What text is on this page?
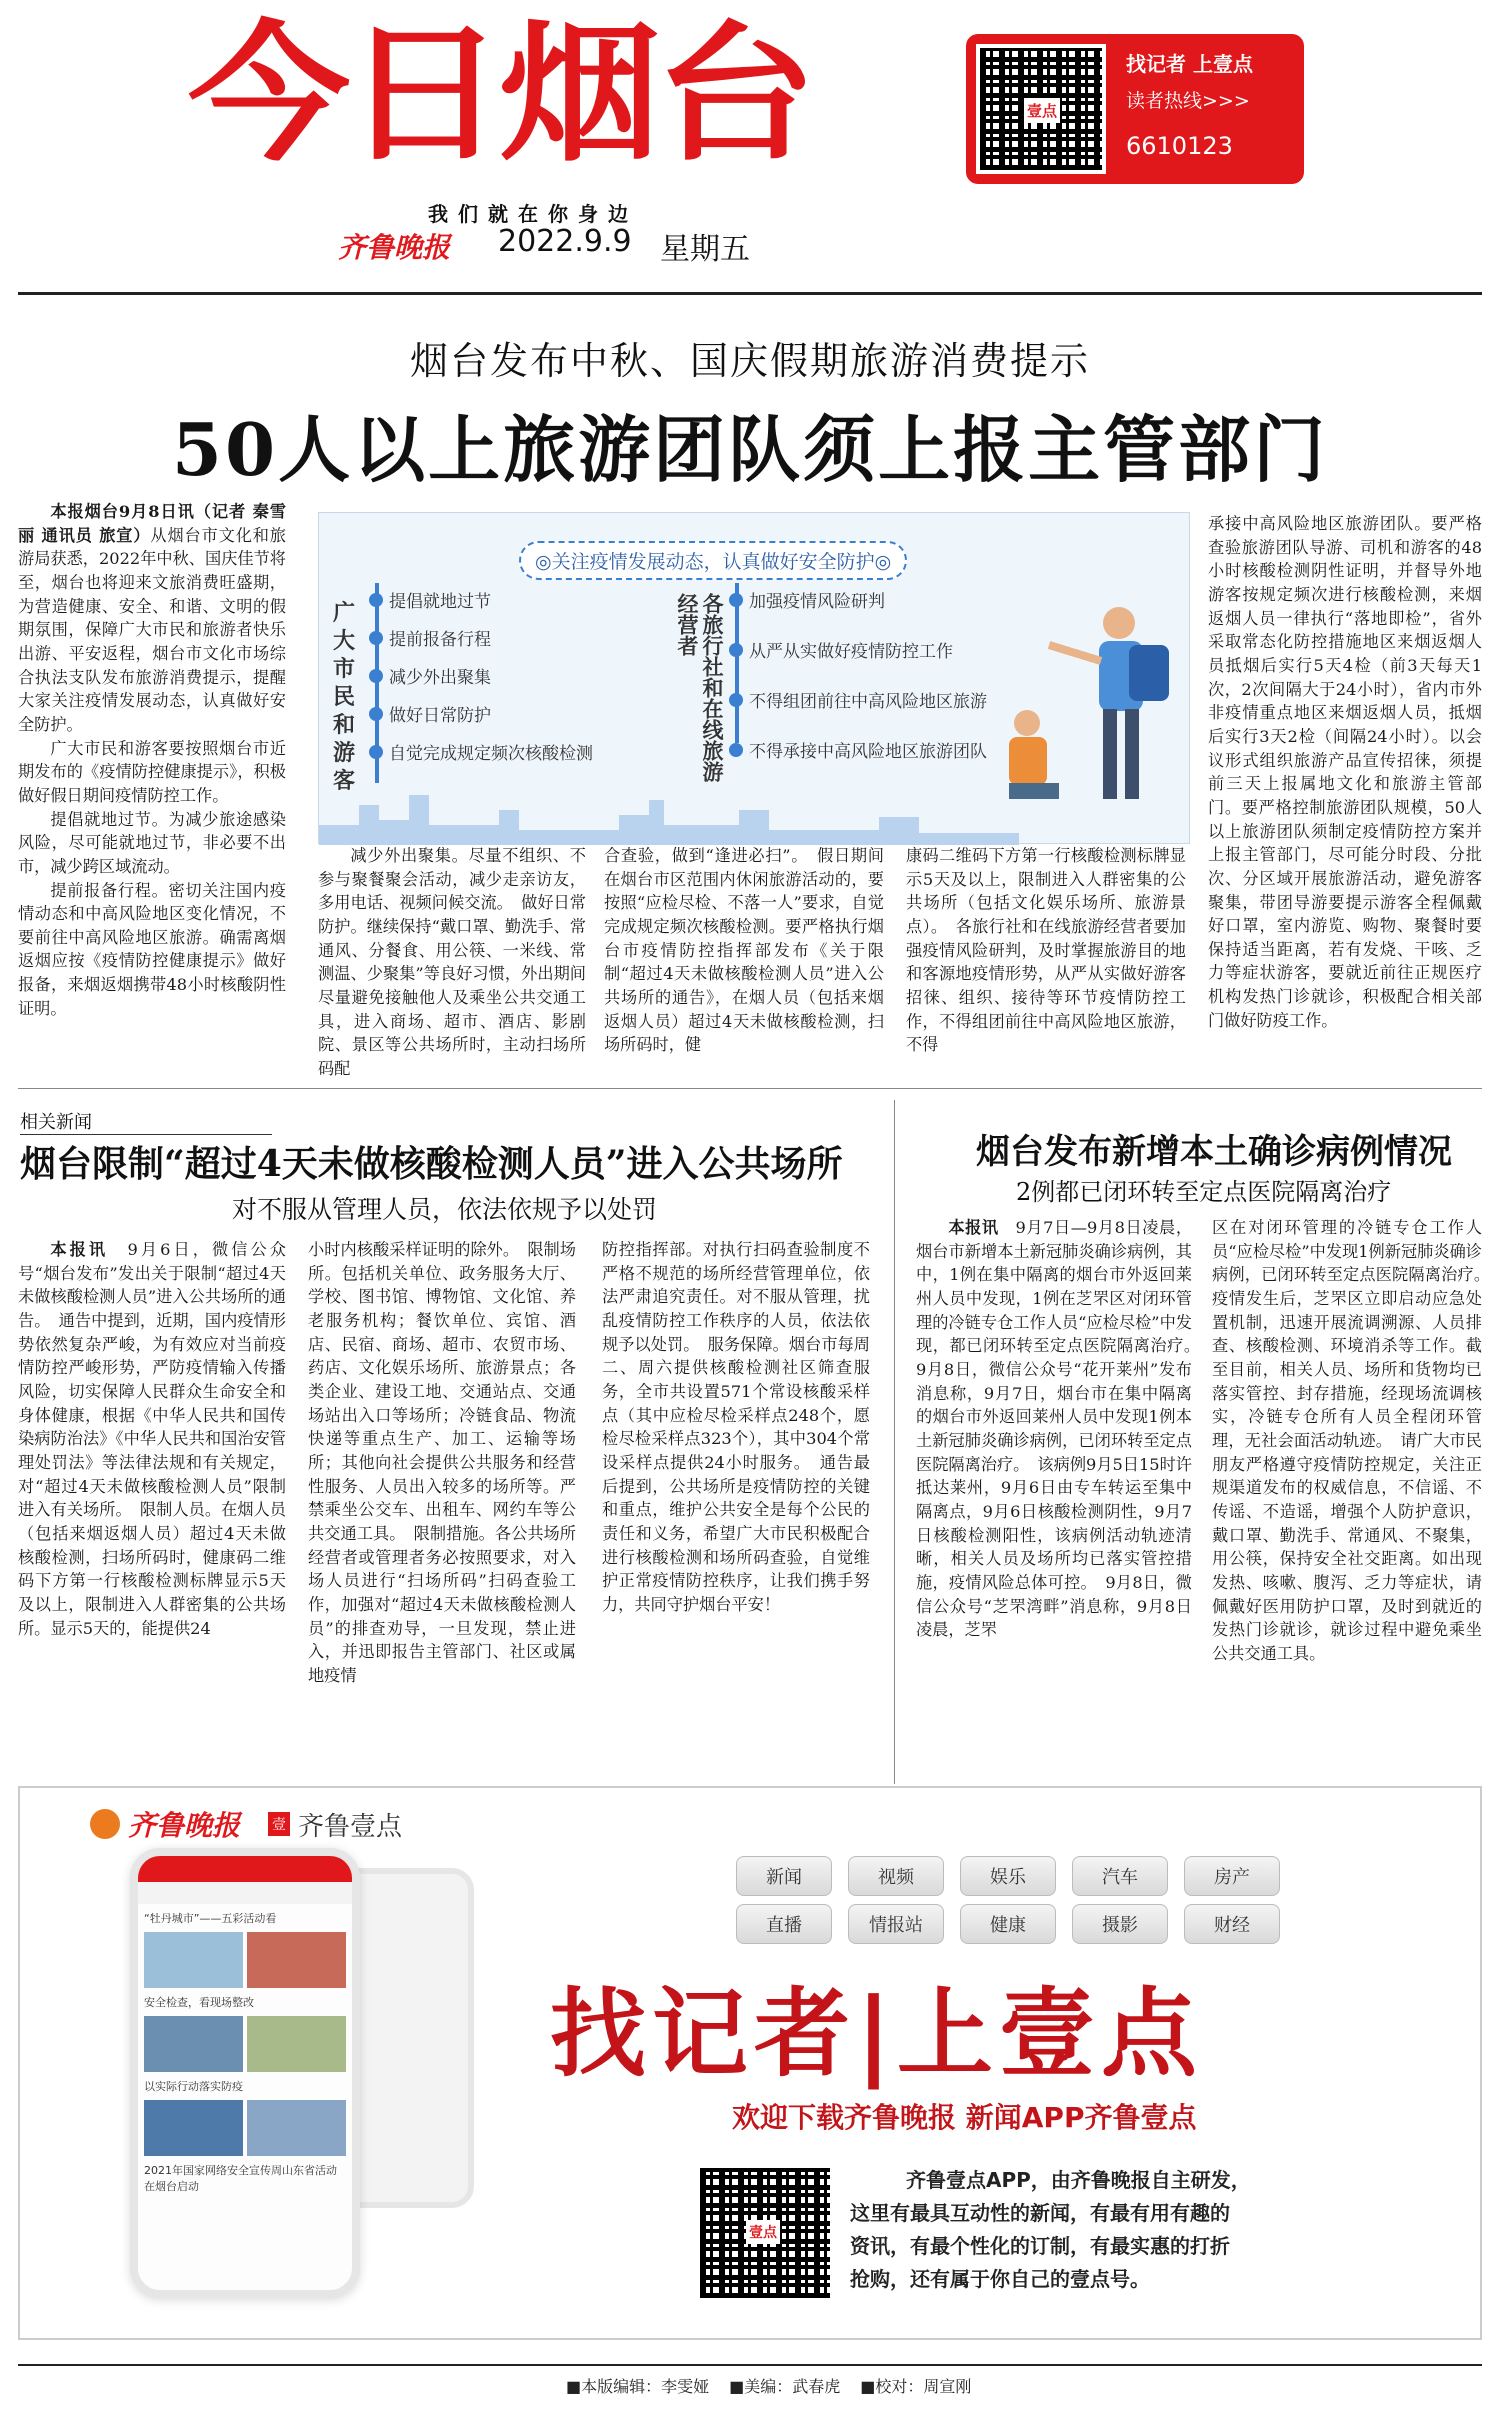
今日烟台
我们就在你身边
齐鲁晚报 2022.9.9 星期五
壹点
找记者 上壹点
读者热线>>>
6610123
烟台发布中秋、国庆假期旅游消费提示
50人以上旅游团队须上报主管部门

本报烟台9月8日讯（记者 秦雪丽 通讯员 旅宣）从烟台市文化和旅游局获悉，2022年中秋、国庆佳节将至，烟台也将迎来文旅消费旺盛期，为营造健康、安全、和谐、文明的假期氛围，保障广大市民和旅游者快乐出游、平安返程，烟台市文化市场综合执法支队发布旅游消费提示，提醒大家关注疫情发展动态，认真做好安全防护。

广大市民和游客要按照烟台市近期发布的《疫情防控健康提示》，积极做好假日期间疫情防控工作。

提倡就地过节。为减少旅途感染风险，尽可能就地过节，非必要不出市，减少跨区域流动。

提前报备行程。密切关注国内疫情动态和中高风险地区变化情况，不要前往中高风险地区旅游。确需离烟返烟应按《疫情防控健康提示》做好报备，来烟返烟携带48小时核酸阴性证明。

◎关注疫情发展动态，认真做好安全防护◎
广大市民和游客
提倡就地过节
提前报备行程
减少外出聚集
做好日常防护
自觉完成规定频次核酸检测	各旅行社和在线旅游经营者	加强疫情风险研判
从严从实做好疫情防控工作
不得组团前往中高风险地区旅游
不得承接中高风险地区旅游团队

减少外出聚集。尽量不组织、不参与聚餐聚会活动，减少走亲访友，多用电话、视频问候交流。　做好日常防护。继续保持“戴口罩、勤洗手、常通风、分餐食、用公筷、一米线、常测温、少聚集”等良好习惯，外出期间尽量避免接触他人及乘坐公共交通工具，进入商场、超市、酒店、影剧院、景区等公共场所时，主动扫场所码配

合查验，做到“逢进必扫”。　假日期间在烟台市区范围内休闲旅游活动的，要按照“应检尽检、不落一人”要求，自觉完成规定频次核酸检测。要严格执行烟台市疫情防控指挥部发布《关于限制“超过4天未做核酸检测人员”进入公共场所的通告》，在烟人员（包括来烟返烟人员）超过4天未做核酸检测，扫场所码时，健

康码二维码下方第一行核酸检测标牌显示5天及以上，限制进入人群密集的公共场所（包括文化娱乐场所、旅游景点）。　各旅行社和在线旅游经营者要加强疫情风险研判，及时掌握旅游目的地和客源地疫情形势，从严从实做好游客招徕、组织、接待等环节疫情防控工作，不得组团前往中高风险地区旅游，不得

承接中高风险地区旅游团队。要严格查验旅游团队导游、司机和游客的48小时核酸检测阴性证明，并督导外地游客按规定频次进行核酸检测，来烟返烟人员一律执行“落地即检”，省外采取常态化防控措施地区来烟返烟人员抵烟后实行5天4检（前3天每天1次，2次间隔大于24小时），省内市外非疫情重点地区来烟返烟人员，抵烟后实行3天2检（间隔24小时）。以会议形式组织旅游产品宣传招徕，须提前三天上报属地文化和旅游主管部门。要严格控制旅游团队规模，50人以上旅游团队须制定疫情防控方案并上报主管部门，尽可能分时段、分批次、分区域开展旅游活动，避免游客聚集，带团导游要提示游客全程佩戴好口罩，室内游览、购物、聚餐时要保持适当距离，若有发烧、干咳、乏力等症状游客，要就近前往正规医疗机构发热门诊就诊，积极配合相关部门做好防疫工作。

相关新闻
烟台限制“超过4天未做核酸检测人员”进入公共场所
对不服从管理人员，依法依规予以处罚

本报讯　 9月6日，微信公众号“烟台发布”发出关于限制“超过4天未做核酸检测人员”进入公共场所的通告。　通告中提到，近期，国内疫情形势依然复杂严峻，为有效应对当前疫情防控严峻形势，严防疫情输入传播风险，切实保障人民群众生命安全和身体健康，根据《中华人民共和国传染病防治法》《中华人民共和国治安管理处罚法》等法律法规和有关规定，对“超过4天未做核酸检测人员”限制进入有关场所。　限制人员。在烟人员（包括来烟返烟人员）超过4天未做核酸检测，扫场所码时，健康码二维码下方第一行核酸检测标牌显示5天及以上，限制进入人群密集的公共场所。显示5天的，能提供24

小时内核酸采样证明的除外。　限制场所。包括机关单位、政务服务大厅、学校、图书馆、博物馆、文化馆、养老服务机构；餐饮单位、宾馆、酒店、民宿、商场、超市、农贸市场、药店、文化娱乐场所、旅游景点；各类企业、建设工地、交通站点、交通场站出入口等场所；冷链食品、物流快递等重点生产、加工、运输等场所；其他向社会提供公共服务和经营性服务、人员出入较多的场所等。严禁乘坐公交车、出租车、网约车等公共交通工具。　限制措施。各公共场所经营者或管理者务必按照要求，对入场人员进行“扫场所码”扫码查验工作，加强对“超过4天未做核酸检测人员”的排查劝导，一旦发现，禁止进入，并迅即报告主管部门、社区或属地疫情

防控指挥部。对执行扫码查验制度不严格不规范的场所经营管理单位，依法严肃追究责任。对不服从管理，扰乱疫情防控工作秩序的人员，依法依规予以处罚。　服务保障。烟台市每周二、周六提供核酸检测社区筛查服务，全市共设置571个常设核酸采样点（其中应检尽检采样点248个，愿检尽检采样点323个），其中304个常设采样点提供24小时服务。　通告最后提到，公共场所是疫情防控的关键和重点，维护公共安全是每个公民的责任和义务，希望广大市民积极配合进行核酸检测和场所码查验，自觉维护正常疫情防控秩序，让我们携手努力，共同守护烟台平安！

烟台发布新增本土确诊病例情况
2例都已闭环转至定点医院隔离治疗

本报讯　 9月7日—9月8日凌晨，烟台市新增本土新冠肺炎确诊病例，其中，1例在集中隔离的烟台市外返回莱州人员中发现，1例在芝罘区对闭环管理的冷链专仓工作人员“应检尽检”中发现，都已闭环转至定点医院隔离治疗。　9月8日，微信公众号“花开莱州”发布消息称，9月7日，烟台市在集中隔离的烟台市外返回莱州人员中发现1例本土新冠肺炎确诊病例，已闭环转至定点医院隔离治疗。　该病例9月5日15时许抵达莱州，9月6日由专车转运至集中隔离点，9月6日核酸检测阴性，9月7日核酸检测阳性，该病例活动轨迹清晰，相关人员及场所均已落实管控措施，疫情风险总体可控。　9月8日，微信公众号“芝罘湾畔”消息称，9月8日凌晨，芝罘

区在对闭环管理的冷链专仓工作人员“应检尽检”中发现1例新冠肺炎确诊病例，已闭环转至定点医院隔离治疗。　疫情发生后，芝罘区立即启动应急处置机制，迅速开展流调溯源、人员排查、核酸检测、环境消杀等工作。截至目前，相关人员、场所和货物均已落实管控、封存措施，经现场流调核实，冷链专仓所有人员全程闭环管理，无社会面活动轨迹。　请广大市民朋友严格遵守疫情防控规定，关注正规渠道发布的权威信息，不信谣、不传谣、不造谣，增强个人防护意识，戴口罩、勤洗手、常通风、不聚集，用公筷，保持安全社交距离。如出现发热、咳嗽、腹泻、乏力等症状，请佩戴好医用防护口罩，及时到就近的发热门诊就诊，就诊过程中避免乘坐公共交通工具。

齐鲁晚报 壹 齐鲁壹点
“牡丹城市”——五彩活动看
安全检查，看现场整改
以实际行动落实防疫
2021年国家网络安全宣传周山东省活动在烟台启动
新闻	视频	娱乐	汽车	房产
直播	情报站	健康	摄影	财经
找记者|上壹点
欢迎下载齐鲁晚报 新闻APP齐鲁壹点
壹点
齐鲁壹点APP，由齐鲁晚报自主研发，
这里有最具互动性的新闻，有最有用有趣的
资讯，有最个性化的订制，有最实惠的打折
抢购，还有属于你自己的壹点号。
■本版编辑：李雯娅 ■美编：武春虎 ■校对：周宣刚
